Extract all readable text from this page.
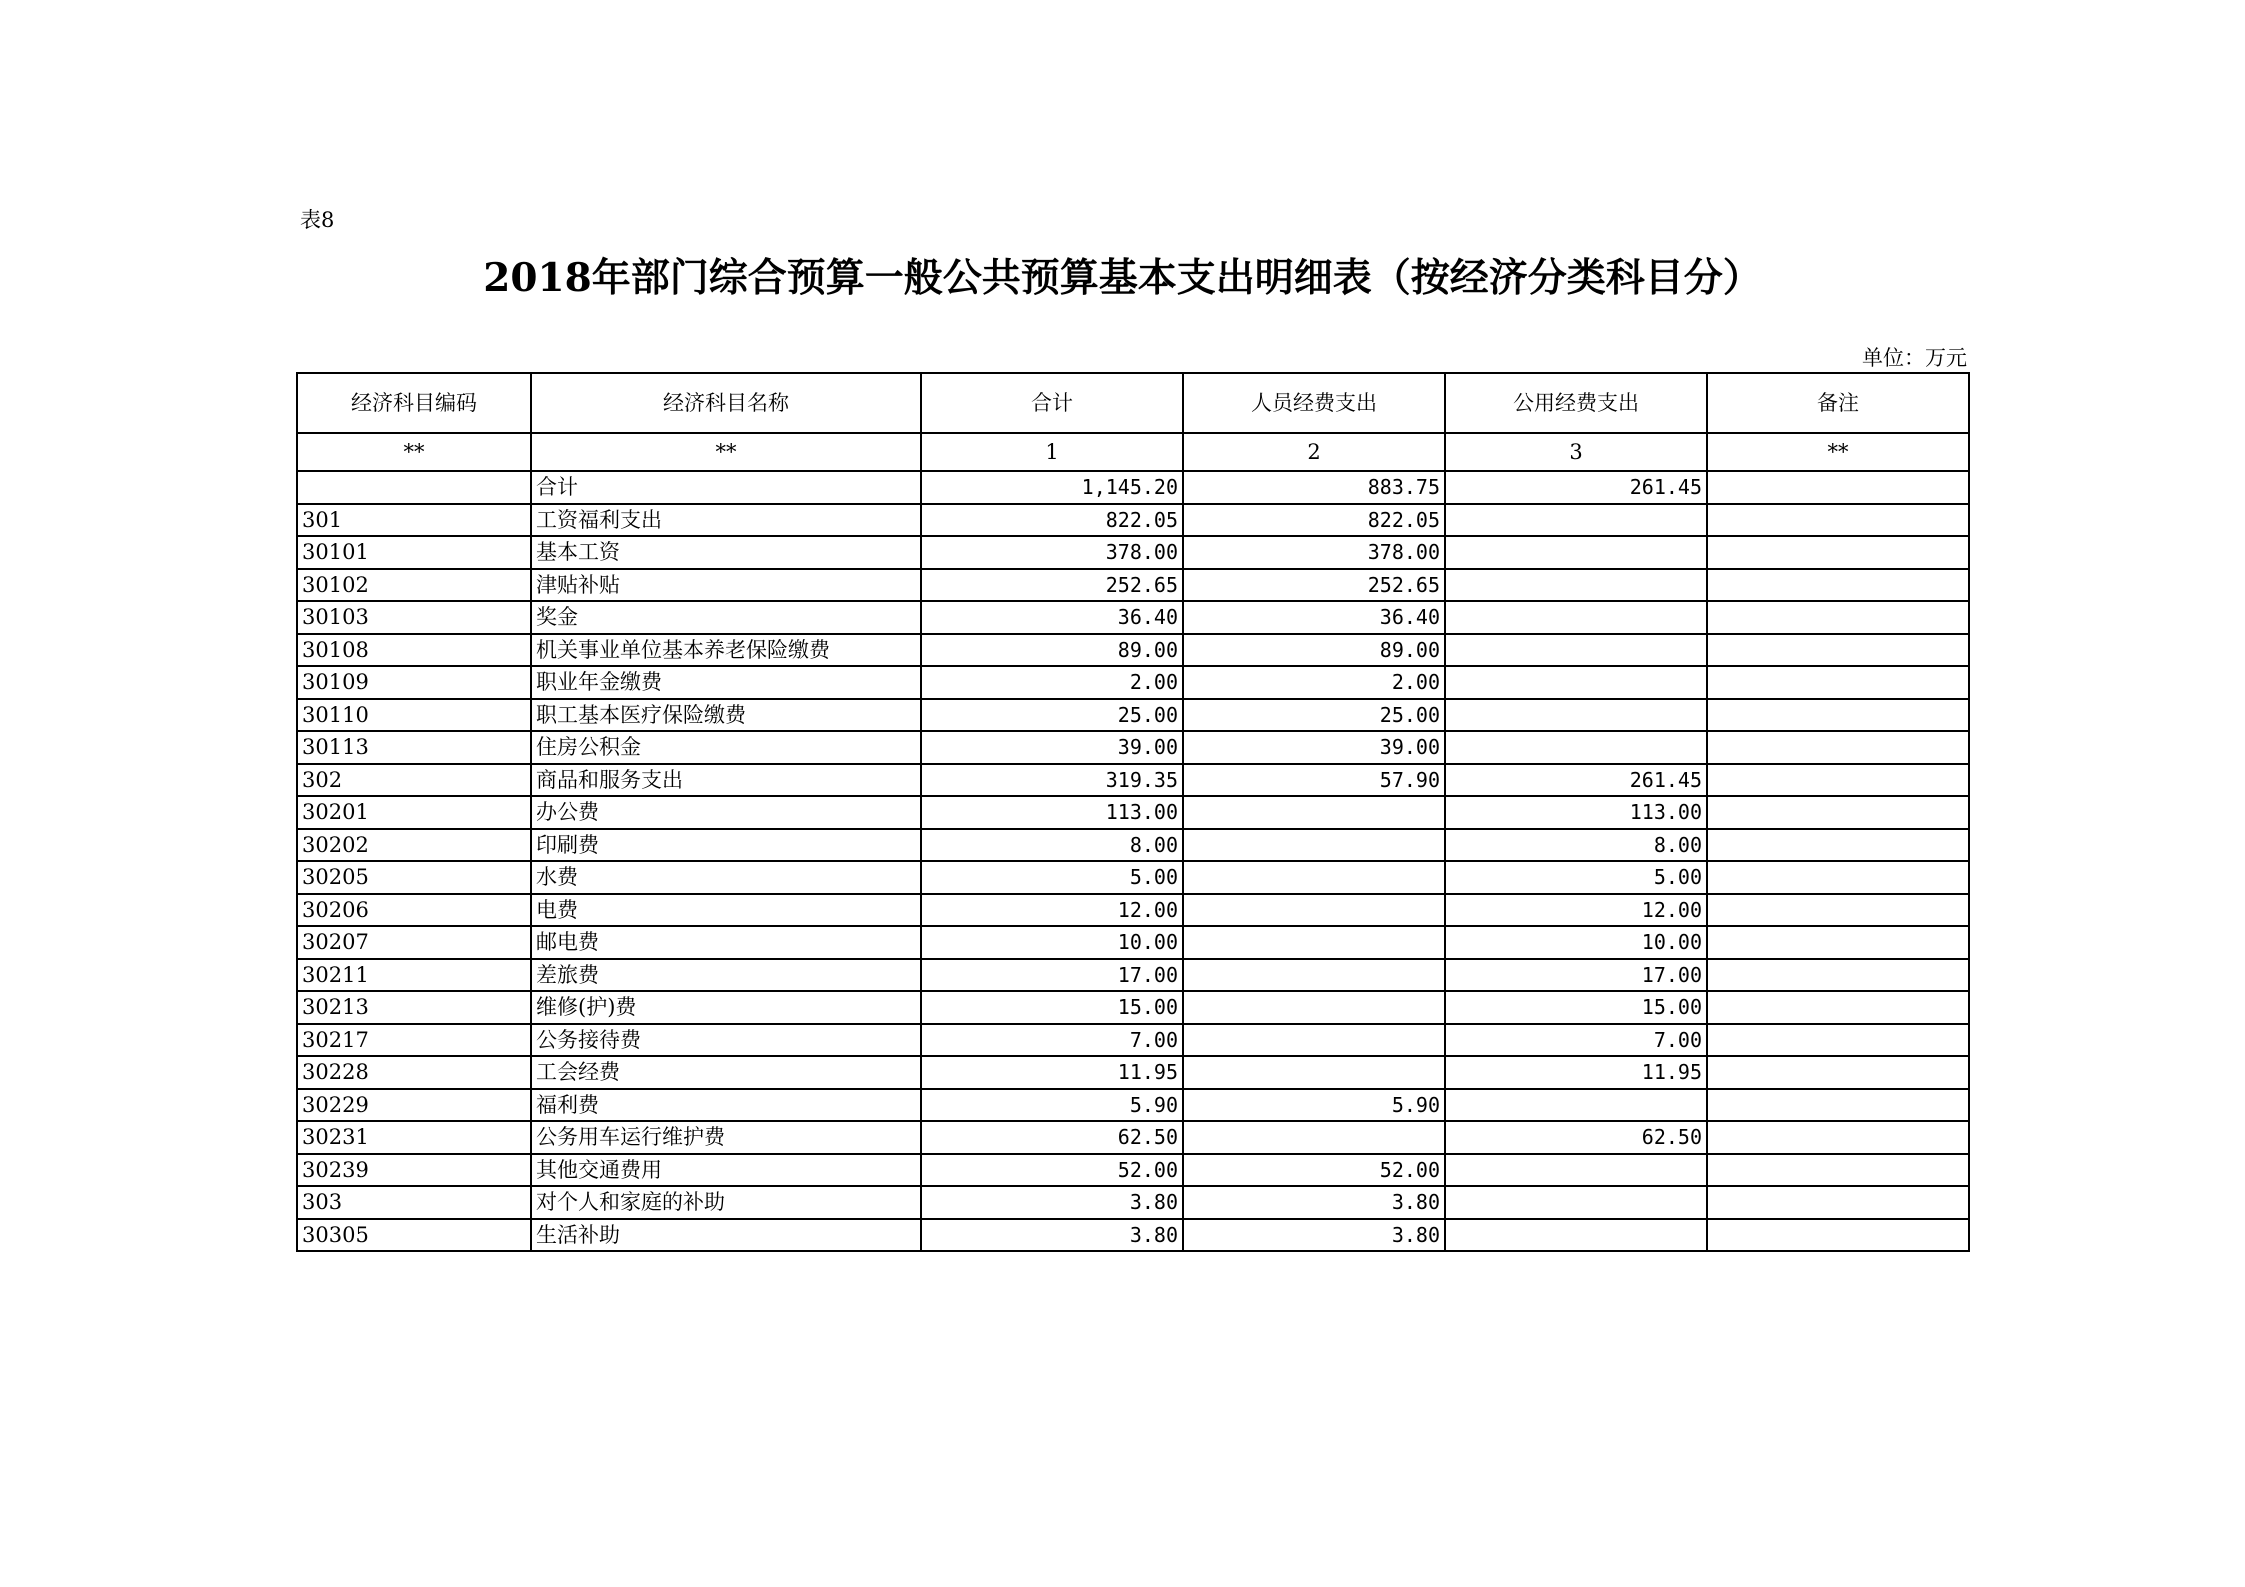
表8
2018年部门综合预算一般公共预算基本支出明细表（按经济分类科目分）
单位：万元
经济科目编码	经济科目名称	合计	人员经费支出	公用经费支出	备注
**	**	1	2	3	**
	合计	1,145.20	883.75	261.45	
301	工资福利支出	822.05	822.05		
30101	基本工资	378.00	378.00		
30102	津贴补贴	252.65	252.65		
30103	奖金	36.40	36.40		
30108	机关事业单位基本养老保险缴费	89.00	89.00		
30109	职业年金缴费	2.00	2.00		
30110	职工基本医疗保险缴费	25.00	25.00		
30113	住房公积金	39.00	39.00		
302	商品和服务支出	319.35	57.90	261.45	
30201	办公费	113.00		113.00	
30202	印刷费	8.00		8.00	
30205	水费	5.00		5.00	
30206	电费	12.00		12.00	
30207	邮电费	10.00		10.00	
30211	差旅费	17.00		17.00	
30213	维修(护)费	15.00		15.00	
30217	公务接待费	7.00		7.00	
30228	工会经费	11.95		11.95	
30229	福利费	5.90	5.90		
30231	公务用车运行维护费	62.50		62.50	
30239	其他交通费用	52.00	52.00		
303	对个人和家庭的补助	3.80	3.80		
30305	生活补助	3.80	3.80		
